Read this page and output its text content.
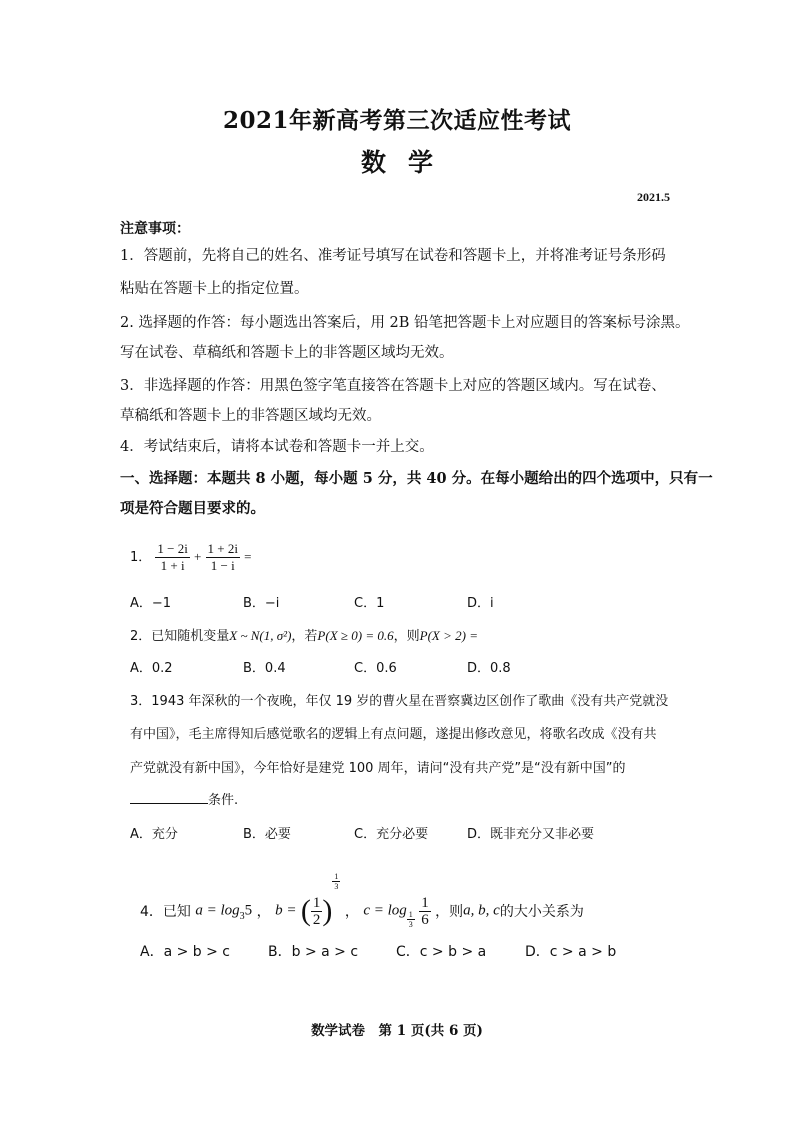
2021年新高考第三次适应性考试
数学
2021.5
注意事项：
1．答题前，先将自己的姓名、准考证号填写在试卷和答题卡上，并将准考证号条形码
粘贴在答题卡上的指定位置。
2. 选择题的作答：每小题选出答案后，用 2B 铅笔把答题卡上对应题目的答案标号涂黑。
写在试卷、草稿纸和答题卡上的非答题区域均无效。
3．非选择题的作答：用黑色签字笔直接答在答题卡上对应的答题区域内。写在试卷、
草稿纸和答题卡上的非答题区域均无效。
4．考试结束后，请将本试卷和答题卡一并上交。
一、选择题：本题共 8 小题，每小题 5 分，共 40 分。在每小题给出的四个选项中，只有一
项是符合题目要求的。
1． $\frac{1 - 2i}{1 + i} + \frac{1 + 2i}{1 - i}$ =
A．−1	B．−i	C．1	D．i
2．已知随机变量X ~ N(1, σ²)，若P(X ≥ 0) = 0.6，则P(X > 2) =
A．0.2	B．0.4	C．0.6	D．0.8
3．1943 年深秋的一个夜晚，年仅 19 岁的曹火星在晋察冀边区创作了歌曲《没有共产党就没
有中国》，毛主席得知后感觉歌名的逻辑上有点问题，遂提出修改意见，将歌名改成《没有共
产党就没有新中国》，今年恰好是建党 100 周年，请问“没有共产党”是“没有新中国”的
条件.
A．充分	B．必要	C．充分必要	D．既非充分又非必要
4．已知 $a = \log_35$ ， b = ( $\frac{1}{2}$ )
$\frac{1}{3}$
， $c = \log \frac{1}{3}$
$\frac{1}{6}$ ，则a, b, c的大小关系为
A．a > b > c	B．b > a > c	C．c > b > a	D．c > a > b
数学试卷　第 1 页(共 6 页)
